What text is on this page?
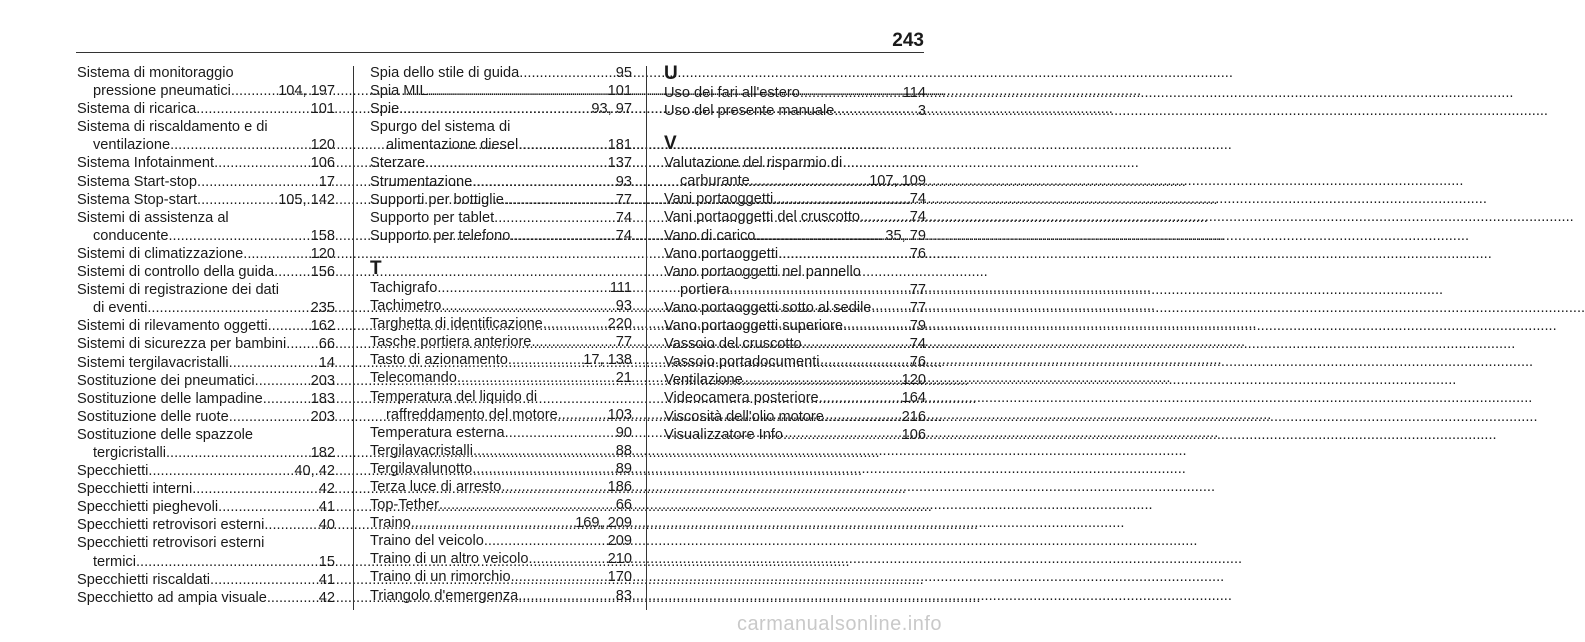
243
Sistema di monitoraggio
pressione pneumatici .....	104, 197
Sistema di ricarica .....	101
Sistema di riscaldamento e di
ventilazione .....	120
Sistema Infotainment .....	106
Sistema Start-stop .....	17
Sistema Stop-start .....	105, 142
Sistemi di assistenza al
conducente .....	158
Sistemi di climatizzazione .....	120
Sistemi di controllo della guida .....	156
Sistemi di registrazione dei dati
di eventi .....	235
Sistemi di rilevamento oggetti .....	162
Sistemi di sicurezza per bambini ..... 66
Sistemi tergilavacristalli .....	14
Sostituzione dei pneumatici .....	203
Sostituzione delle lampadine .....	183
Sostituzione delle ruote .....	203
Sostituzione delle spazzole
tergicristalli .....	182
Specchietti .....	40, 42
Specchietti interni .....	42
Specchietti pieghevoli .....	41
Specchietti retrovisori esterni .....	40
Specchietti retrovisori esterni
termici .....	15
Specchietti riscaldati .....	41
Specchietto ad ampia visuale .....	42
Spia dello stile di guida .....	95
Spia MIL .....	101
Spie .....	93, 97
Spurgo del sistema di
alimentazione diesel .....	181
Sterzare .....	137
Strumentazione .....	93
Supporti per bottiglie .....	77
Supporto per tablet .....	74
Supporto per telefono .....	74
T
Tachigrafo .....	111
Tachimetro .....	93
Targhetta di identificazione .....	220
Tasche portiera anteriore .....	77
Tasto di azionamento .....	17, 138
Telecomando .....	21
Temperatura del liquido di
raffreddamento del motore .....	103
Temperatura esterna .....	90
Tergilavacristalli .....	88
Tergilavalunotto .....	89
Terza luce di arresto .....	186
Top-Tether .....	66
Traino .....	169, 209
Traino del veicolo .....	209
Traino di un altro veicolo .....	210
Traino di un rimorchio .....	170
Triangolo d'emergenza .....	83
U
Uso dei fari all'estero .....	114
Uso del presente manuale .....	3
V
Valutazione del risparmio di
carburante .....	107, 109
Vani portaoggetti .....	74
Vani portaoggetti del cruscotto .....	74
Vano di carico .....	35, 79
Vano portaoggetti .....	76
Vano portaoggetti nel pannello
portiera .....	77
Vano portaoggetti sotto al sedile .....	77
Vano portaoggetti superiore .....	79
Vassoio del cruscotto .....	74
Vassoio portadocumenti .....	76
Ventilazione .....	120
Videocamera posteriore .....	164
Viscosità dell'olio motore .....	216
Visualizzatore Info .....	106
carmanualsonline.info
